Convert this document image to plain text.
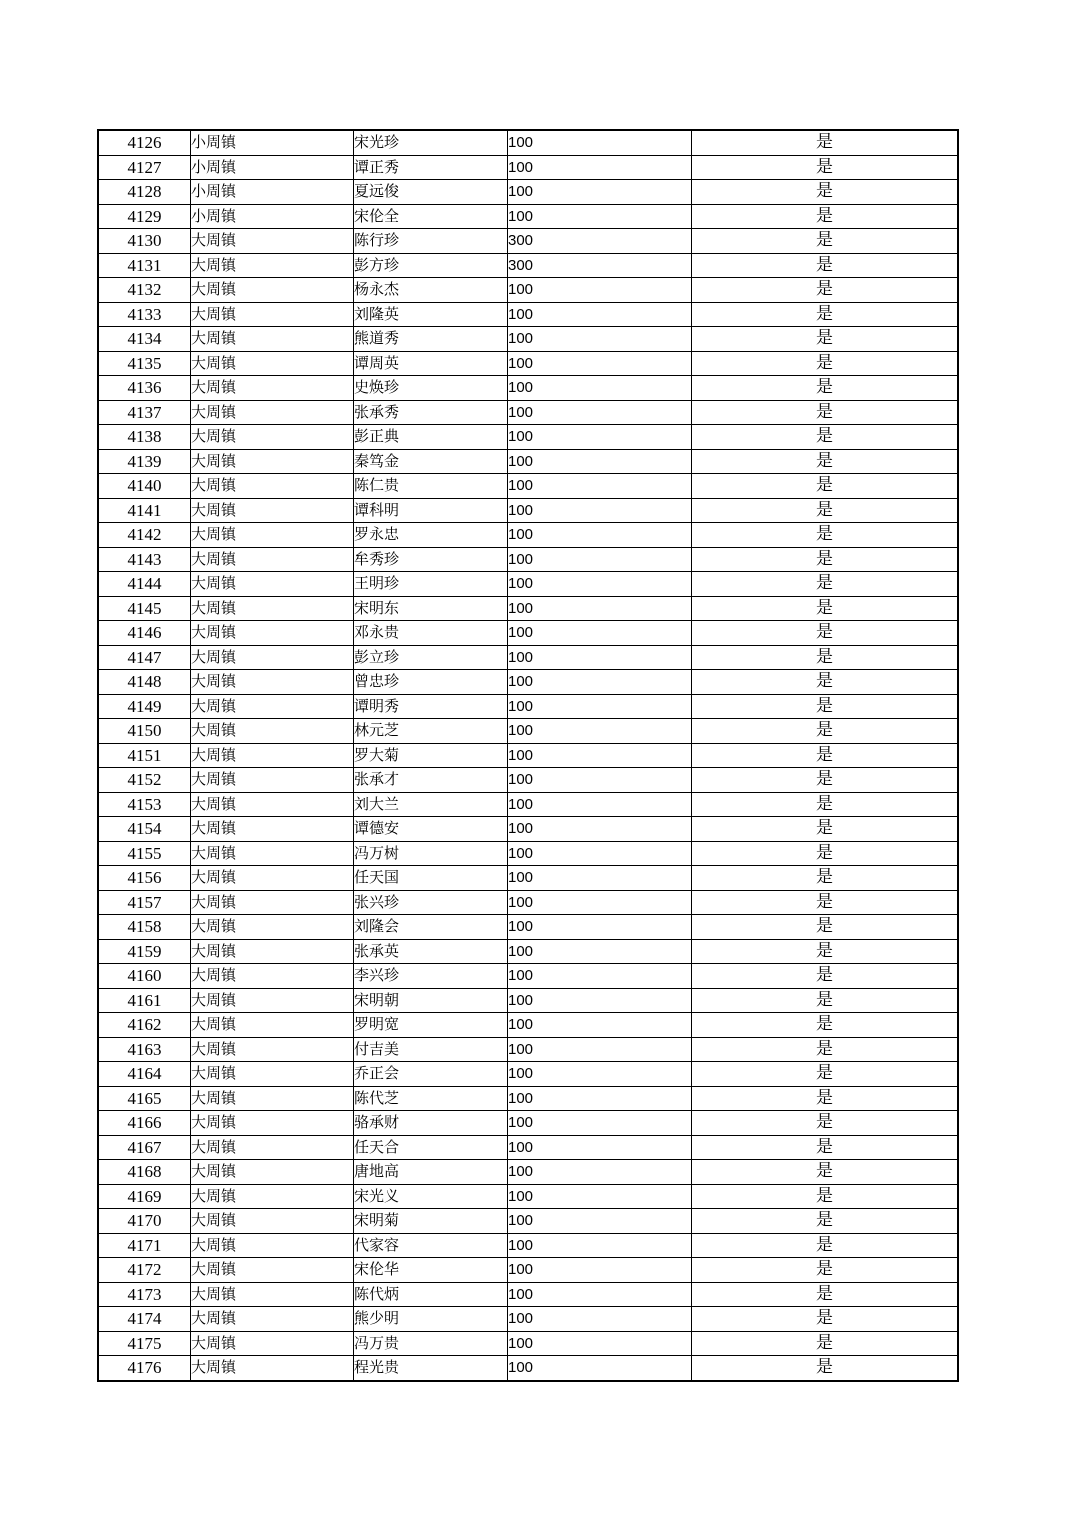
4126	小周镇	宋光珍	100	是
4127	小周镇	谭正秀	100	是
4128	小周镇	夏远俊	100	是
4129	小周镇	宋伦全	100	是
4130	大周镇	陈行珍	300	是
4131	大周镇	彭方珍	300	是
4132	大周镇	杨永杰	100	是
4133	大周镇	刘隆英	100	是
4134	大周镇	熊道秀	100	是
4135	大周镇	谭周英	100	是
4136	大周镇	史焕珍	100	是
4137	大周镇	张承秀	100	是
4138	大周镇	彭正典	100	是
4139	大周镇	秦笃金	100	是
4140	大周镇	陈仁贵	100	是
4141	大周镇	谭科明	100	是
4142	大周镇	罗永忠	100	是
4143	大周镇	牟秀珍	100	是
4144	大周镇	王明珍	100	是
4145	大周镇	宋明东	100	是
4146	大周镇	邓永贵	100	是
4147	大周镇	彭立珍	100	是
4148	大周镇	曾忠珍	100	是
4149	大周镇	谭明秀	100	是
4150	大周镇	林元芝	100	是
4151	大周镇	罗大菊	100	是
4152	大周镇	张承才	100	是
4153	大周镇	刘大兰	100	是
4154	大周镇	谭德安	100	是
4155	大周镇	冯万树	100	是
4156	大周镇	任天国	100	是
4157	大周镇	张兴珍	100	是
4158	大周镇	刘隆会	100	是
4159	大周镇	张承英	100	是
4160	大周镇	李兴珍	100	是
4161	大周镇	宋明朝	100	是
4162	大周镇	罗明宽	100	是
4163	大周镇	付吉美	100	是
4164	大周镇	乔正会	100	是
4165	大周镇	陈代芝	100	是
4166	大周镇	骆承财	100	是
4167	大周镇	任天合	100	是
4168	大周镇	唐地高	100	是
4169	大周镇	宋光义	100	是
4170	大周镇	宋明菊	100	是
4171	大周镇	代家容	100	是
4172	大周镇	宋伦华	100	是
4173	大周镇	陈代炳	100	是
4174	大周镇	熊少明	100	是
4175	大周镇	冯万贵	100	是
4176	大周镇	程光贵	100	是
